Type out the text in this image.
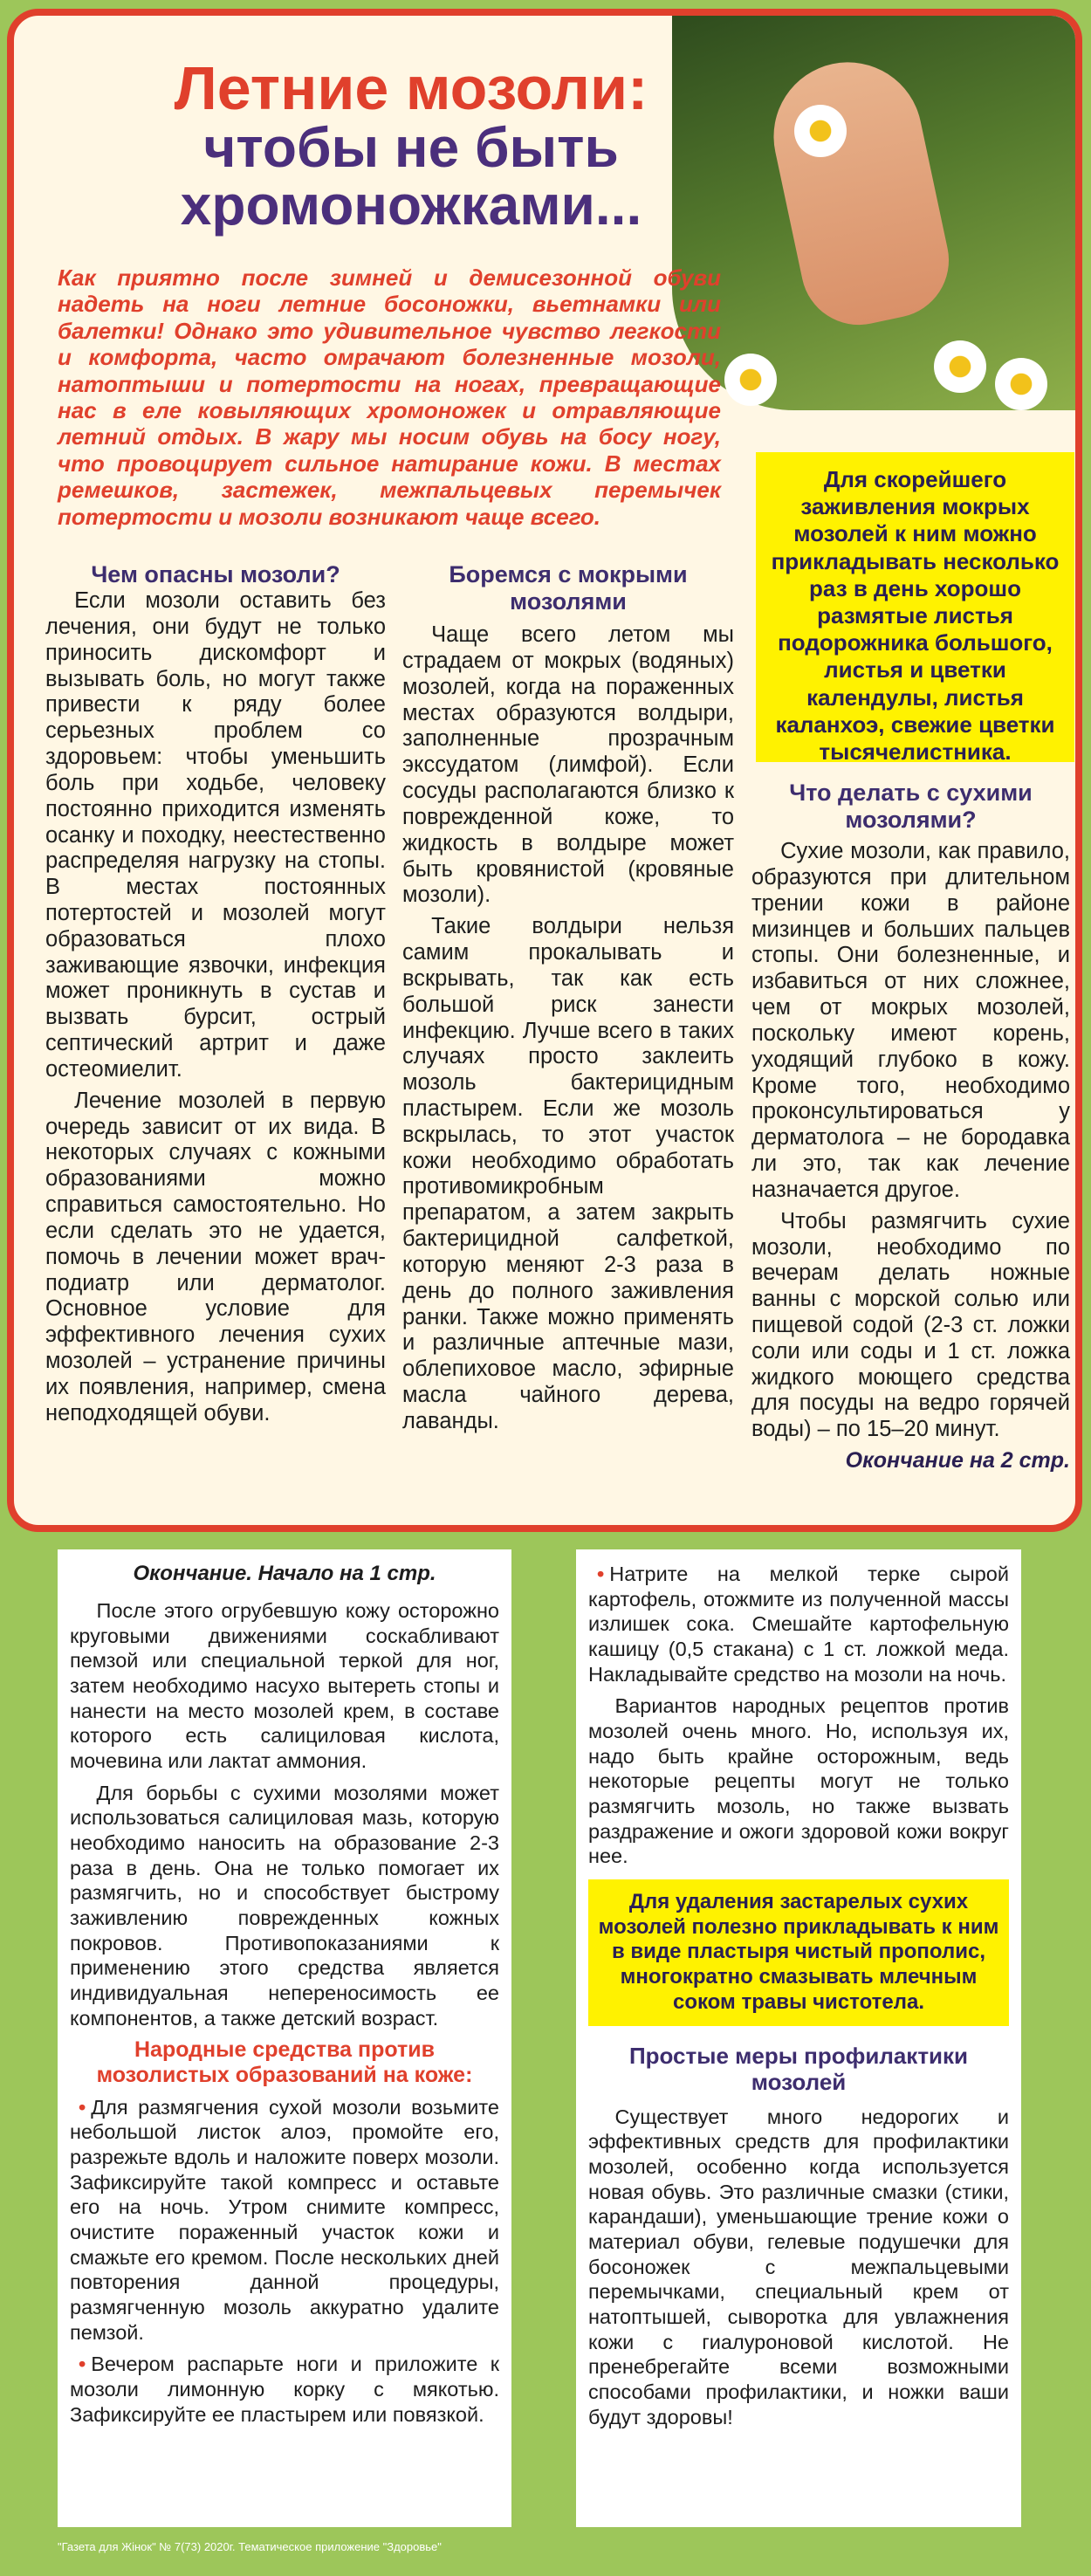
Летние мозоли:
чтобы не быть
хромоножками...

Как приятно после зимней и демисезонной обуви надеть на ноги летние босоножки, вьетнамки или балетки! Однако это удивительное чувство легкости и комфорта, часто омрачают болезненные мозоли, натоптыши и потертости на ногах, превращающие нас в еле ковыляющих хромоножек и отравляющие летний отдых. В жару мы носим обувь на босу ногу, что провоцирует сильное натирание кожи. В местах ремешков, застежек, межпальцевых перемычек потертости и мозоли возникают чаще всего.

Чем опасны мозоли?

Если мозоли оставить без лечения, они будут не только приносить дискомфорт и вызывать боль, но могут также привести к ряду более серьезных проблем со здоровьем: чтобы уменьшить боль при ходьбе, человеку постоянно приходится изменять осанку и походку, неестественно распределяя нагрузку на стопы. В местах постоянных потертостей и мозолей могут образоваться плохо заживающие язвочки, инфекция может проникнуть в сустав и вызвать бурсит, острый септический артрит и даже остеомиелит.

Лечение мозолей в первую очередь зависит от их вида. В некоторых случаях с кожными образованиями можно справиться самостоятельно. Но если сделать это не удается, помочь в лечении может врач-подиатр или дерматолог. Основное условие для эффективного лечения сухих мозолей – устранение причины их появления, например, смена неподходящей обуви.

Боремся с мокрыми мозолями

Чаще всего летом мы страдаем от мокрых (водяных) мозолей, когда на пораженных местах образуются волдыри, заполненные прозрачным экссудатом (лимфой). Если сосуды располагаются близко к поврежденной коже, то жидкость в волдыре может быть кровянистой (кровяные мозоли).

Такие волдыри нельзя самим прокалывать и вскрывать, так как есть большой риск занести инфекцию. Лучше всего в таких случаях просто заклеить мозоль бактерицидным пластырем. Если же мозоль вскрылась, то этот участок кожи необходимо обработать противомикробным препаратом, а затем закрыть бактерицидной салфеткой, которую меняют 2-3 раза в день до полного заживления ранки. Также можно применять и различные аптечные мази, облепиховое масло, эфирные масла чайного дерева, лаванды.

Для скорейшего заживления мокрых мозолей к ним можно прикладывать несколько раз в день хорошо размятые листья подорожника большого, листья и цветки календулы, листья каланхоэ, свежие цветки тысячелистника.

Что делать с сухими мозолями?

Сухие мозоли, как правило, образуются при длительном трении кожи в районе мизинцев и больших пальцев стопы. Они болезненные, и избавиться от них сложнее, чем от мокрых мозолей, поскольку имеют корень, уходящий глубоко в кожу. Кроме того, необходимо проконсультироваться у дерматолога – не бородавка ли это, так как лечение назначается другое.

Чтобы размягчить сухие мозоли, необходимо по вечерам делать ножные ванны с морской солью или пищевой содой (2-3 ст. ложки соли или соды и 1 ст. ложка жидкого моющего средства для посуды на ведро горячей воды) – по 15–20 минут.

Окончание на 2 стр.

Окончание. Начало на 1 стр.

После этого огрубевшую кожу осторожно круговыми движениями соскабливают пемзой или специальной теркой для ног, затем необходимо насухо вытереть стопы и нанести на место мозолей крем, в составе которого есть салициловая кислота, мочевина или лактат аммония.

Для борьбы с сухими мозолями может использоваться салициловая мазь, которую необходимо наносить на образование 2-3 раза в день. Она не только помогает их размягчить, но и способствует быстрому заживлению поврежденных кожных покровов. Противопоказаниями к применению этого средства является индивидуальная непереносимость ее компонентов, а также детский возраст.

Народные средства против мозолистых образований на коже:

• Для размягчения сухой мозоли возьмите небольшой листок алоэ, промойте его, разрежьте вдоль и наложите поверх мозоли. Зафиксируйте такой компресс и оставьте его на ночь. Утром снимите компресс, очистите пораженный участок кожи и смажьте его кремом. После нескольких дней повторения данной процедуры, размягченную мозоль аккуратно удалите пемзой.

• Вечером распарьте ноги и приложите к мозоли лимонную корку с мякотью. Зафиксируйте ее пластырем или повязкой.

• Натрите на мелкой терке сырой картофель, отожмите из полученной массы излишек сока. Смешайте картофельную кашицу (0,5 стакана) с 1 ст. ложкой меда. Накладывайте средство на мозоли на ночь.

Вариантов народных рецептов против мозолей очень много. Но, используя их, надо быть крайне осторожным, ведь некоторые рецепты могут не только размягчить мозоль, но также вызвать раздражение и ожоги здоровой кожи вокруг нее.

Для удаления застарелых сухих мозолей полезно прикладывать к ним в виде пластыря чистый прополис, многократно смазывать млечным соком травы чистотела.

Простые меры профилактики мозолей

Существует много недорогих и эффективных средств для профилактики мозолей, особенно когда используется новая обувь. Это различные смазки (стики, карандаши), уменьшающие трение кожи о материал обуви, гелевые подушечки для босоножек с межпальцевыми перемычками, специальный крем от натоптышей, сыворотка для увлажнения кожи с гиалуроновой кислотой. Не пренебрегайте всеми возможными способами профилактики, и ножки ваши будут здоровы!

"Газета для Жінок" № 7(73) 2020г. Тематическое приложение "Здоровье"
